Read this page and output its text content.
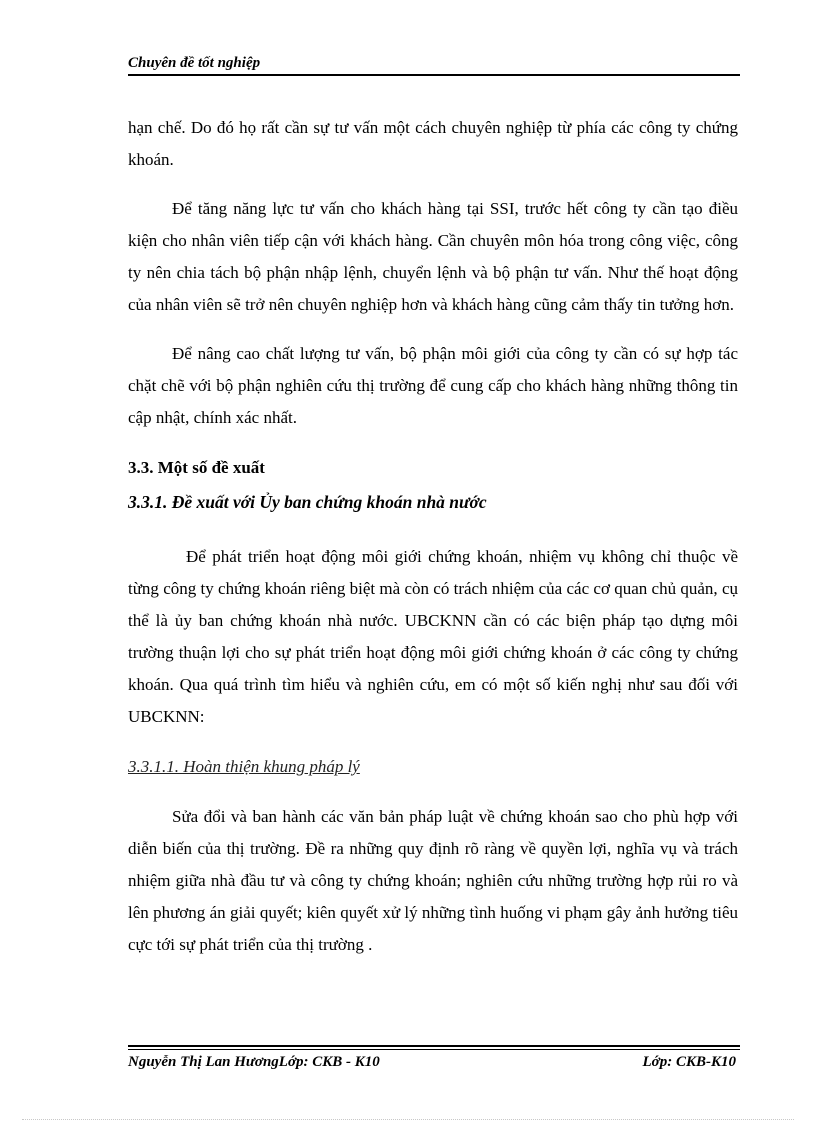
Chuyên đề tốt nghiệp

hạn chế. Do đó họ rất cần sự tư vấn một cách chuyên nghiệp từ phía các công ty chứng khoán.

Để tăng năng lực tư vấn cho khách hàng tại SSI, trước hết công ty cần tạo điều kiện cho nhân viên tiếp cận với khách hàng. Cần chuyên môn hóa trong công việc, công ty nên chia tách bộ phận nhập lệnh, chuyển lệnh và bộ phận tư vấn. Như thế hoạt động của nhân viên sẽ trở nên chuyên nghiệp hơn và khách hàng cũng cảm thấy tin tưởng hơn.

Để nâng cao chất lượng tư vấn, bộ phận môi giới của công ty cần có sự hợp tác chặt chẽ với bộ phận nghiên cứu thị trường để cung cấp cho khách hàng những thông tin cập nhật, chính xác nhất.

3.3. Một số đề xuất

3.3.1. Đề xuất với Ủy ban chứng khoán nhà nước

Để phát triển hoạt động môi giới chứng khoán, nhiệm vụ không chỉ thuộc về từng công ty chứng khoán riêng biệt mà còn có trách nhiệm của các cơ quan chủ quản, cụ thể là ủy ban chứng khoán nhà nước. UBCKNN cần có các biện pháp tạo dựng môi trường thuận lợi cho sự phát triển hoạt động môi giới chứng khoán ở các công ty chứng khoán. Qua quá trình tìm hiểu và nghiên cứu, em có một số kiến nghị như sau đối với UBCKNN:

3.3.1.1. Hoàn thiện khung pháp lý

Sửa đổi và ban hành các văn bản pháp luật về chứng khoán sao cho phù hợp với diễn biến của thị trường. Đề ra những quy định rõ ràng về quyền lợi, nghĩa vụ và trách nhiệm giữa nhà đầu tư và công ty chứng khoán; nghiên cứu những trường hợp rủi ro và lên phương án giải quyết; kiên quyết xử lý những tình huống vi phạm gây ảnh hưởng tiêu cực tới sự phát triển của thị trường .

Nguyễn Thị Lan HươngLớp: CKB - K10	Lớp: CKB-K10
